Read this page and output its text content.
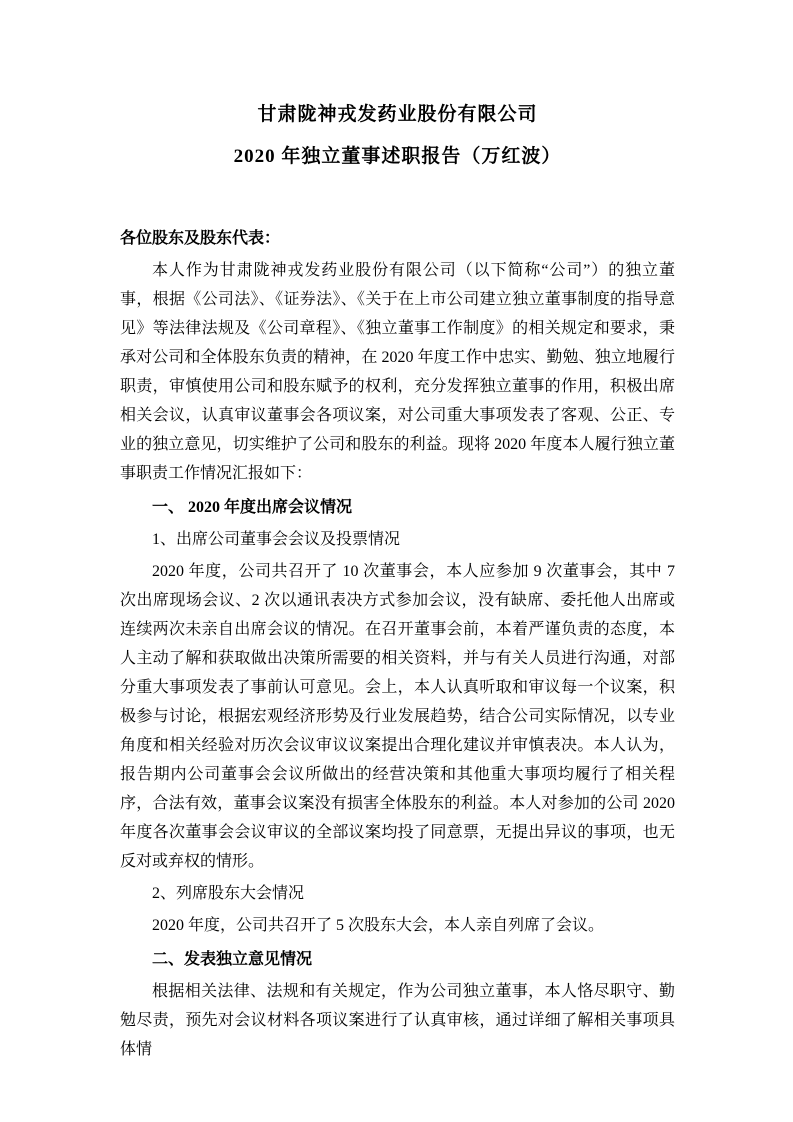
甘肃陇神戎发药业股份有限公司
2020 年独立董事述职报告（万红波）

各位股东及股东代表：

本人作为甘肃陇神戎发药业股份有限公司（以下简称“公司”）的独立董事，根据《公司法》、《证券法》、《关于在上市公司建立独立董事制度的指导意见》等法律法规及《公司章程》、《独立董事工作制度》的相关规定和要求，秉承对公司和全体股东负责的精神，在 2020 年度工作中忠实、勤勉、独立地履行职责，审慎使用公司和股东赋予的权利，充分发挥独立董事的作用，积极出席相关会议，认真审议董事会各项议案，对公司重大事项发表了客观、公正、专业的独立意见，切实维护了公司和股东的利益。现将 2020 年度本人履行独立董事职责工作情况汇报如下：

一、 2020 年度出席会议情况

1、出席公司董事会会议及投票情况

2020 年度，公司共召开了 10 次董事会，本人应参加 9 次董事会，其中 7 次出席现场会议、2 次以通讯表决方式参加会议，没有缺席、委托他人出席或连续两次未亲自出席会议的情况。在召开董事会前，本着严谨负责的态度，本人主动了解和获取做出决策所需要的相关资料，并与有关人员进行沟通，对部分重大事项发表了事前认可意见。会上，本人认真听取和审议每一个议案，积极参与讨论，根据宏观经济形势及行业发展趋势，结合公司实际情况，以专业角度和相关经验对历次会议审议议案提出合理化建议并审慎表决。本人认为，报告期内公司董事会会议所做出的经营决策和其他重大事项均履行了相关程序，合法有效，董事会议案没有损害全体股东的利益。本人对参加的公司 2020 年度各次董事会会议审议的全部议案均投了同意票，无提出异议的事项，也无反对或弃权的情形。

2、列席股东大会情况

2020 年度，公司共召开了 5 次股东大会，本人亲自列席了会议。

二、发表独立意见情况

根据相关法律、法规和有关规定，作为公司独立董事，本人恪尽职守、勤勉尽责，预先对会议材料各项议案进行了认真审核，通过详细了解相关事项具体情
